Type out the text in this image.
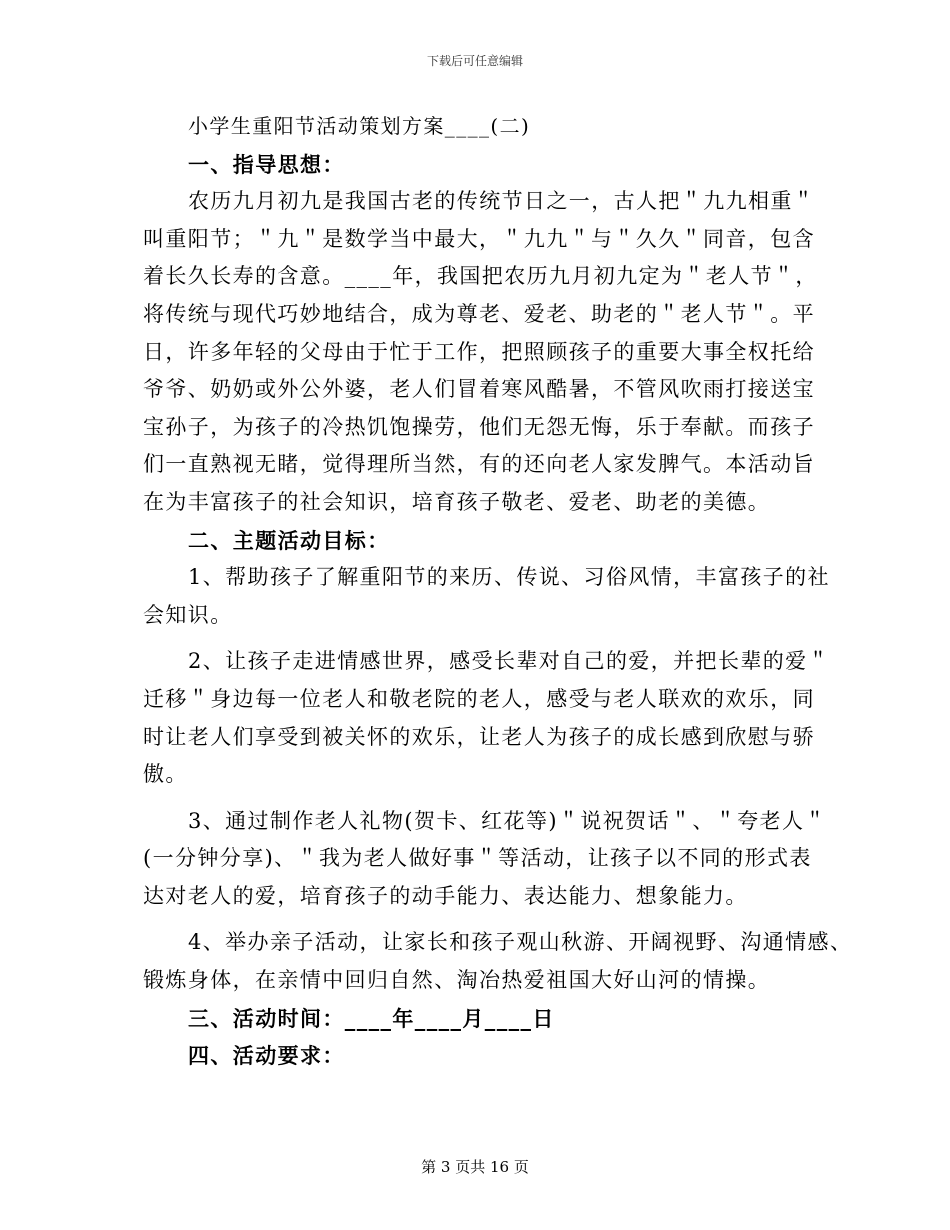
下载后可任意编辑
小学生重阳节活动策划方案____(二)
一、指导思想：
农历九月初九是我国古老的传统节日之一，古人把＂九九相重＂
叫重阳节；＂九＂是数学当中最大，＂九九＂与＂久久＂同音，包含
着长久长寿的含意。____年，我国把农历九月初九定为＂老人节＂，
将传统与现代巧妙地结合，成为尊老、爱老、助老的＂老人节＂。平
日，许多年轻的父母由于忙于工作，把照顾孩子的重要大事全权托给
爷爷、奶奶或外公外婆，老人们冒着寒风酷暑，不管风吹雨打接送宝
宝孙子，为孩子的冷热饥饱操劳，他们无怨无悔，乐于奉献。而孩子
们一直熟视无睹，觉得理所当然，有的还向老人家发脾气。本活动旨
在为丰富孩子的社会知识，培育孩子敬老、爱老、助老的美德。
二、主题活动目标：
1、帮助孩子了解重阳节的来历、传说、习俗风情，丰富孩子的社
会知识。
2、让孩子走进情感世界，感受长辈对自己的爱，并把长辈的爱＂
迁移＂身边每一位老人和敬老院的老人，感受与老人联欢的欢乐，同
时让老人们享受到被关怀的欢乐，让老人为孩子的成长感到欣慰与骄
傲。
3、通过制作老人礼物(贺卡、红花等)＂说祝贺话＂、＂夸老人＂
(一分钟分享)、＂我为老人做好事＂等活动，让孩子以不同的形式表
达对老人的爱，培育孩子的动手能力、表达能力、想象能力。
4、举办亲子活动，让家长和孩子观山秋游、开阔视野、沟通情感、
锻炼身体，在亲情中回归自然、淘冶热爱祖国大好山河的情操。
三、活动时间：____年____月____日
四、活动要求：
第 3 页共 16 页
